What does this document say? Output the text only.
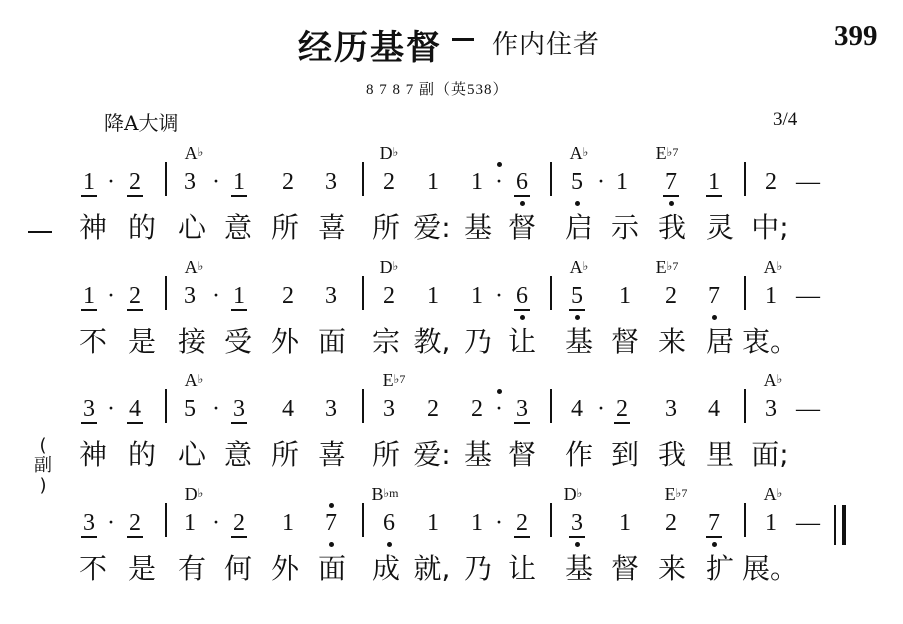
经历基督 作内住者	399
8 7 8 7 副（英538）
降A大调	3/4
(
副
)
A♭	D♭	A♭	$E^{♭7}$
1 · 2 3 · 1 2 3 2 1 1 · 6 5 · 1 7 1 2 —
神 的 心 意 所 喜 所 爱: 基 督 启 示 我 灵 中;
A♭	D♭	A♭	$E^{♭7}$	A♭
1 · 2 3 · 1 2 3 2 1 1 · 6 5 1 2 7 1 —
不 是 接 受 外 面 宗 教, 乃 让 基 督 来 居 衷。
A♭	$E^{♭7}$	A♭
3 · 4 5 · 3 4 3 3 2 2 · 3 4 · 2 3 4 3 —
神 的 心 意 所 喜 所 爱: 基 督 作 到 我 里 面;
D♭	$B^{♭m}$	D♭	$E^{♭7}$	A♭
3 · 2 1 · 2 1 7 6 1 1 · 2 3 1 2 7 1 —
不 是 有 何 外 面 成 就, 乃 让 基 督 来 扩 展。
